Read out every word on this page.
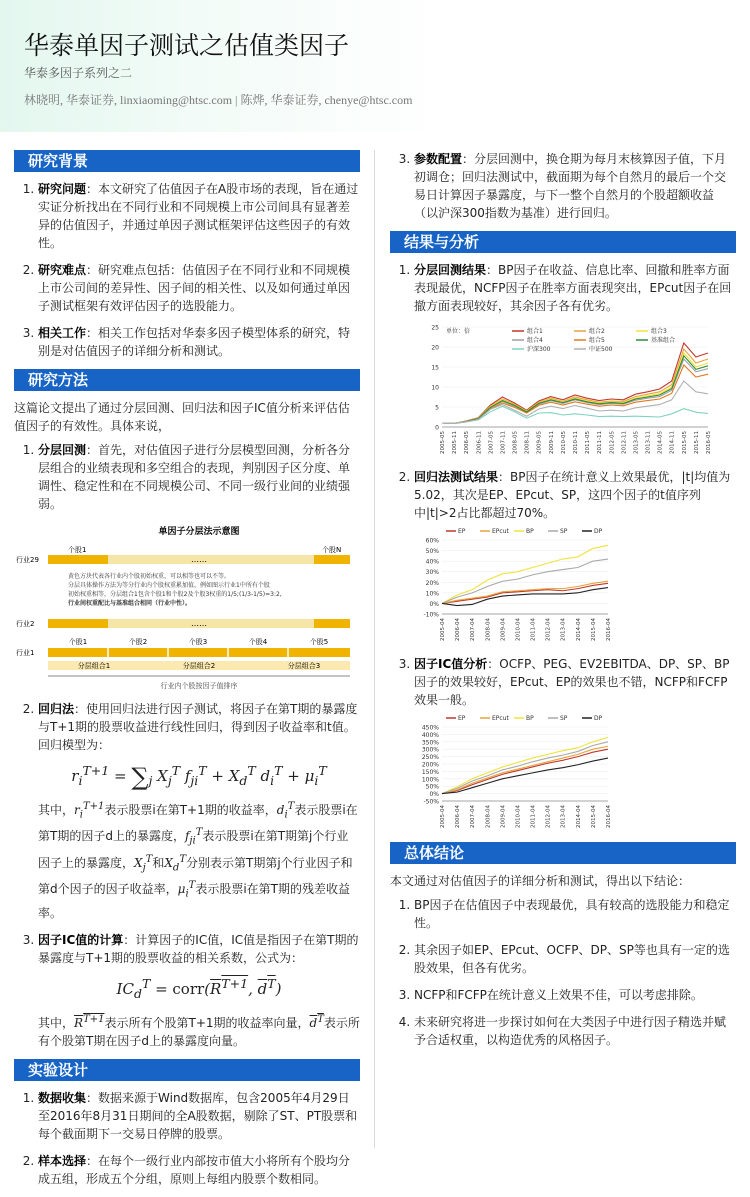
华泰单因子测试之估值类因子
华泰多因子系列之二
林晓明, 华泰证券, linxiaoming@htsc.com | 陈烨, 华泰证券, chenye@htsc.com
研究背景
1. 研究问题：本文研究了估值因子在A股市场的表现，旨在通过实证分析找出在不同行业和不同规模上市公司间具有显著差异的估值因子，并通过单因子测试框架评估这些因子的有效性。
2. 研究难点：研究难点包括：估值因子在不同行业和不同规模上市公司间的差异性、因子间的相关性、以及如何通过单因子测试框架有效评估因子的选股能力。
3. 相关工作：相关工作包括对华泰多因子模型体系的研究，特别是对估值因子的详细分析和测试。
研究方法

这篇论文提出了通过分层回测、回归法和因子IC值分析来评估估值因子的有效性。具体来说，

1. 分层回测：首先，对估值因子进行分层模型回测，分析各分层组合的业绩表现和多空组合的表现，判别因子区分度、单调性、稳定性和在不同规模公司、不同一级行业间的业绩强弱。
单因子分层法示意图
行业29
行业2
行业1
个股1	个股N
……
黄色方块代表各行业内个股初始权重，可以相等也可以不等。
分层具体操作方法为等分行业内个股权重累加值，例如图示行业1中所有个股
初始权重相等，分层组合1包含个股1和个股2及个股3权重的1/5;(1/3-1/5)=3:2,
行业间权重配比与基准组合相同（行业中性）。
……
个股1	个股2	个股3	个股4	个股5
分层组合1	分层组合2	分层组合3
行业内个股按因子值排序
2. 回归法：使用回归法进行因子测试，将因子在第T期的暴露度与T+1期的股票收益进行线性回归，得到因子收益率和t值。回归模型为：
$r_i^{T+1} = \sum_j$ $X_j^T$ $f_{ji}^T + X_d^T$ $d_i^T + \mu_i^T$
其中，$r_i^{T+1}$表示股票i在第T+1期的收益率，$d_i^T$表示股票i在第T期的因子d上的暴露度，$f_{ji}^T$表示股票i在第T期第j个行业因子上的暴露度，$X_j^T$和$X_d^T$分别表示第T期第j个行业因子和第d个因子的因子收益率，$\mu_i^T$表示股票i在第T期的残差收益率。
3. 因子IC值的计算：计算因子的IC值，IC值是指因子在第T期的暴露度与T+1期的股票收益的相关系数，公式为：
$IC_d^T$ = $corr(R^{T+1}$, $d^T$)
其中，$R^{T+1}$表示所有个股第T+1期的收益率向量，$d^T$表示所有个股第T期在因子d上的暴露度向量。
实验设计
1. 数据收集：数据来源于Wind数据库，包含2005年4月29日至2016年8月31日期间的全A股数据，剔除了ST、PT股票和每个截面期下一交易日停牌的股票。
2. 样本选择：在每个一级行业内部按市值大小将所有个股均分成五组，形成五个分组，原则上每组内股票个数相同。
3. 参数配置：分层回测中，换仓期为每月末核算因子值，下月初调仓；回归法测试中，截面期为每个自然月的最后一个交易日计算因子暴露度，与下一整个自然月的个股超额收益（以沪深300指数为基准）进行回归。
结果与分析
1. 分层回测结果：BP因子在收益、信息比率、回撤和胜率方面表现最优，NCFP因子在胜率方面表现突出，EPcut因子在回撤方面表现较好，其余因子各有优劣。
0
5
10
15
20
25
2005-05 2005-11 2006-05 2006-11 2007-05 2007-11 2008-05 2008-11 2009-05 2009-11 2010-05 2010-11 2011-05 2011-11 2012-05 2012-11 2013-05 2013-11 2014-05 2014-11 2015-05 2015-11 2016-05
单位：倍	组合1	组合2	组合3
组合4	组合5	基准组合
沪深300	中证500
2. 回归法测试结果：BP因子在统计意义上效果最优，|t|均值为5.02，其次是EP、EPcut、SP，这四个因子的t值序列中|t|>2占比都超过70%。
-10%
0%
10%
20%
30%
40%
50%
60%
2005-04 2006-04 2007-04 2008-04 2009-04 2010-04 2011-04 2012-04 2013-04 2014-04 2015-04 2016-04
EP	EPcut	BP	SP	DP
3. 因子IC值分析：OCFP、PEG、EV2EBITDA、DP、SP、BP因子的效果较好，EPcut、EP的效果也不错，NCFP和FCFP效果一般。
-50%
0%
50%
100%
150%
200%
250%
300%
350%
400%
450%
2005-04 2006-04 2007-04 2008-04 2009-04 2010-04 2011-04 2012-04 2013-04 2014-04 2015-04 2016-04
EP	EPcut	BP	SP	DP
总体结论

本文通过对估值因子的详细分析和测试，得出以下结论：

1. BP因子在估值因子中表现最优，具有较高的选股能力和稳定性。
2. 其余因子如EP、EPcut、OCFP、DP、SP等也具有一定的选股效果，但各有优劣。
3. NCFP和FCFP在统计意义上效果不佳，可以考虑排除。
4. 未来研究将进一步探讨如何在大类因子中进行因子精选并赋予合适权重，以构造优秀的风格因子。
